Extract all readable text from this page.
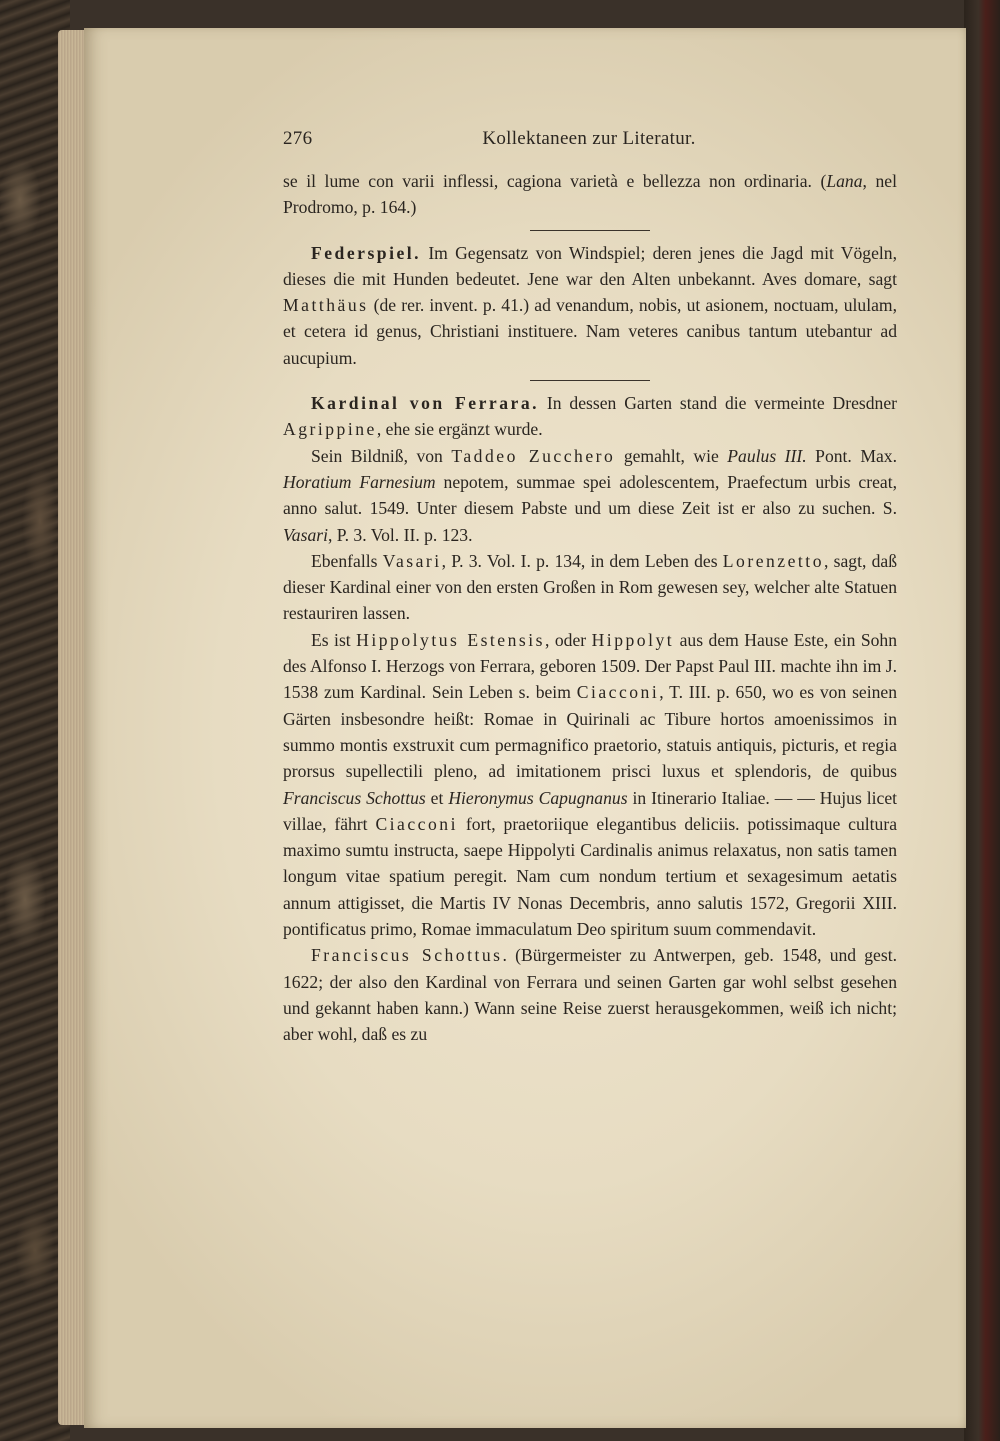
276	Kollektaneen zur Literatur.

se il lume con varii inflessi, cagiona varietà e bellezza non ordinaria. (Lana, nel Prodromo, p. 164.)

Federspiel. Im Gegensatz von Windspiel; deren jenes die Jagd mit Vögeln, dieses die mit Hunden bedeutet. Jene war den Alten unbekannt. Aves domare, sagt Matthäus (de rer. invent. p. 41.) ad venandum, nobis, ut asionem, noctuam, ululam, et cetera id genus, Christiani instituere. Nam veteres canibus tantum utebantur ad aucupium.

Kardinal von Ferrara. In dessen Garten stand die vermeinte Dresdner Agrippine, ehe sie ergänzt wurde.

Sein Bildniß, von Taddeo Zucchero gemahlt, wie Paulus III. Pont. Max. Horatium Farnesium nepotem, summae spei adolescentem, Praefectum urbis creat, anno salut. 1549. Unter diesem Pabste und um diese Zeit ist er also zu suchen. S. Vasari, P. 3. Vol. II. p. 123.

Ebenfalls Vasari, P. 3. Vol. I. p. 134, in dem Leben des Lorenzetto, sagt, daß dieser Kardinal einer von den ersten Großen in Rom gewesen sey, welcher alte Statuen restauriren lassen.

Es ist Hippolytus Estensis, oder Hippolyt aus dem Hause Este, ein Sohn des Alfonso I. Herzogs von Ferrara, geboren 1509. Der Papst Paul III. machte ihn im J. 1538 zum Kardinal. Sein Leben s. beim Ciacconi, T. III. p. 650, wo es von seinen Gärten insbesondre heißt: Romae in Quirinali ac Tibure hortos amoenissimos in summo montis exstruxit cum permagnifico praetorio, statuis antiquis, picturis, et regia prorsus supellectili pleno, ad imitationem prisci luxus et splendoris, de quibus Franciscus Schottus et Hieronymus Capugnanus in Itinerario Italiae. — — Hujus licet villae, fährt Ciacconi fort, praetoriique elegantibus deliciis. potissimaque cultura maximo sumtu instructa, saepe Hippolyti Cardinalis animus relaxatus, non satis tamen longum vitae spatium peregit. Nam cum nondum tertium et sexagesimum aetatis annum attigisset, die Martis IV Nonas Decembris, anno salutis 1572, Gregorii XIII. pontificatus primo, Romae immaculatum Deo spiritum suum commendavit.

Franciscus Schottus. (Bürgermeister zu Antwerpen, geb. 1548, und gest. 1622; der also den Kardinal von Ferrara und seinen Garten gar wohl selbst gesehen und gekannt haben kann.) Wann seine Reise zuerst herausgekommen, weiß ich nicht; aber wohl, daß es zu
